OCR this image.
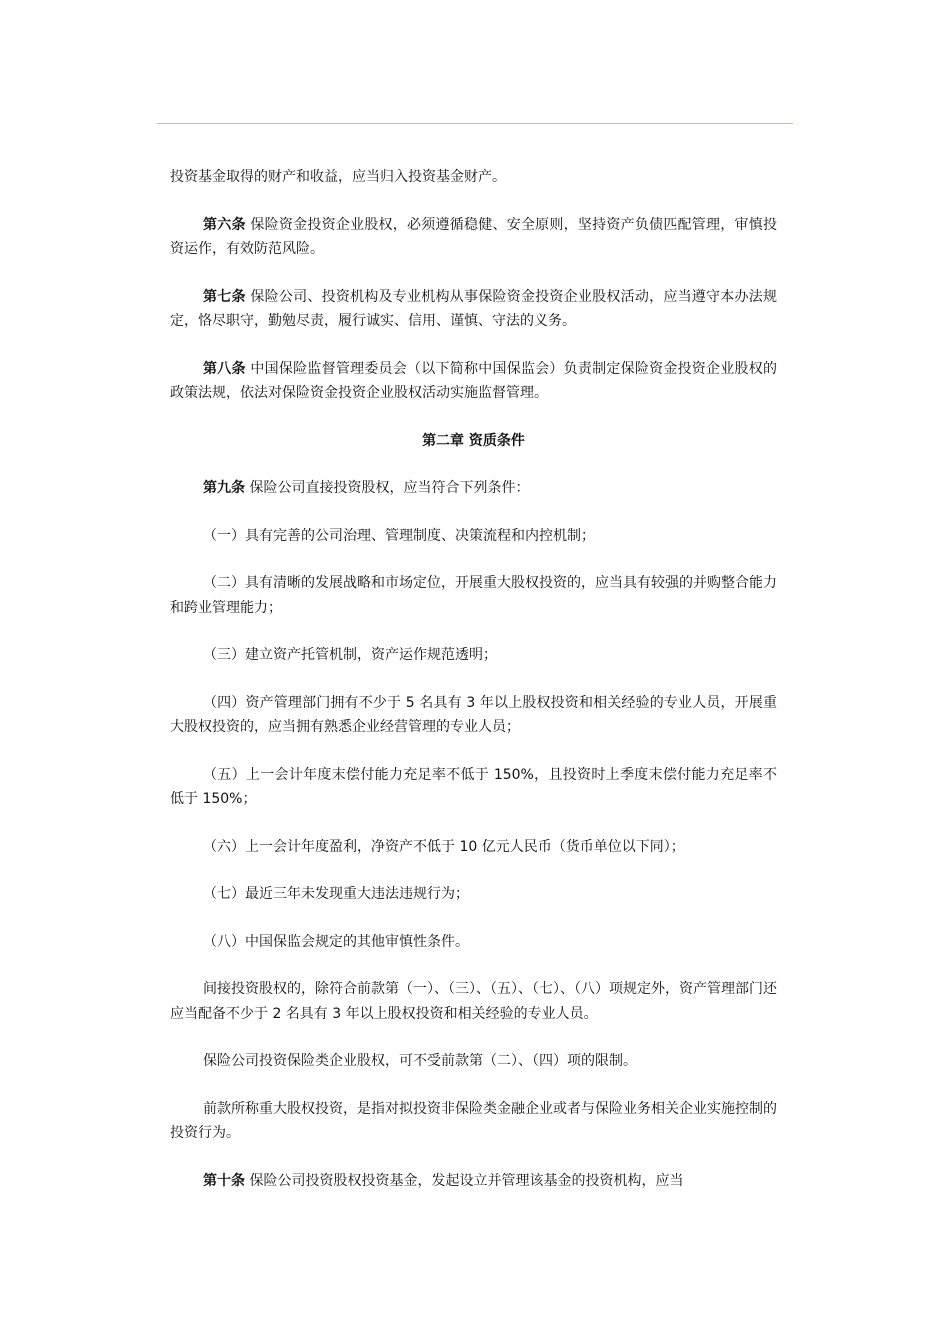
投资基金取得的财产和收益，应当归入投资基金财产。
第六条 保险资金投资企业股权，必须遵循稳健、安全原则，坚持资产负债匹配管理，审慎投资运作，有效防范风险。
第七条 保险公司、投资机构及专业机构从事保险资金投资企业股权活动，应当遵守本办法规定，恪尽职守，勤勉尽责，履行诚实、信用、谨慎、守法的义务。
第八条 中国保险监督管理委员会（以下简称中国保监会）负责制定保险资金投资企业股权的政策法规，依法对保险资金投资企业股权活动实施监督管理。
第二章 资质条件
第九条 保险公司直接投资股权，应当符合下列条件：
（一）具有完善的公司治理、管理制度、决策流程和内控机制；
（二）具有清晰的发展战略和市场定位，开展重大股权投资的，应当具有较强的并购整合能力和跨业管理能力；
（三）建立资产托管机制，资产运作规范透明；
（四）资产管理部门拥有不少于 5 名具有 3 年以上股权投资和相关经验的专业人员，开展重大股权投资的，应当拥有熟悉企业经营管理的专业人员；
（五）上一会计年度末偿付能力充足率不低于 150%，且投资时上季度末偿付能力充足率不低于 150%；
（六）上一会计年度盈利，净资产不低于 10 亿元人民币（货币单位以下同）；
（七）最近三年未发现重大违法违规行为；
（八）中国保监会规定的其他审慎性条件。
间接投资股权的，除符合前款第（一）、（三）、（五）、（七）、（八）项规定外，资产管理部门还应当配备不少于 2 名具有 3 年以上股权投资和相关经验的专业人员。
保险公司投资保险类企业股权，可不受前款第（二）、（四）项的限制。
前款所称重大股权投资，是指对拟投资非保险类金融企业或者与保险业务相关企业实施控制的投资行为。
第十条 保险公司投资股权投资基金，发起设立并管理该基金的投资机构，应当
